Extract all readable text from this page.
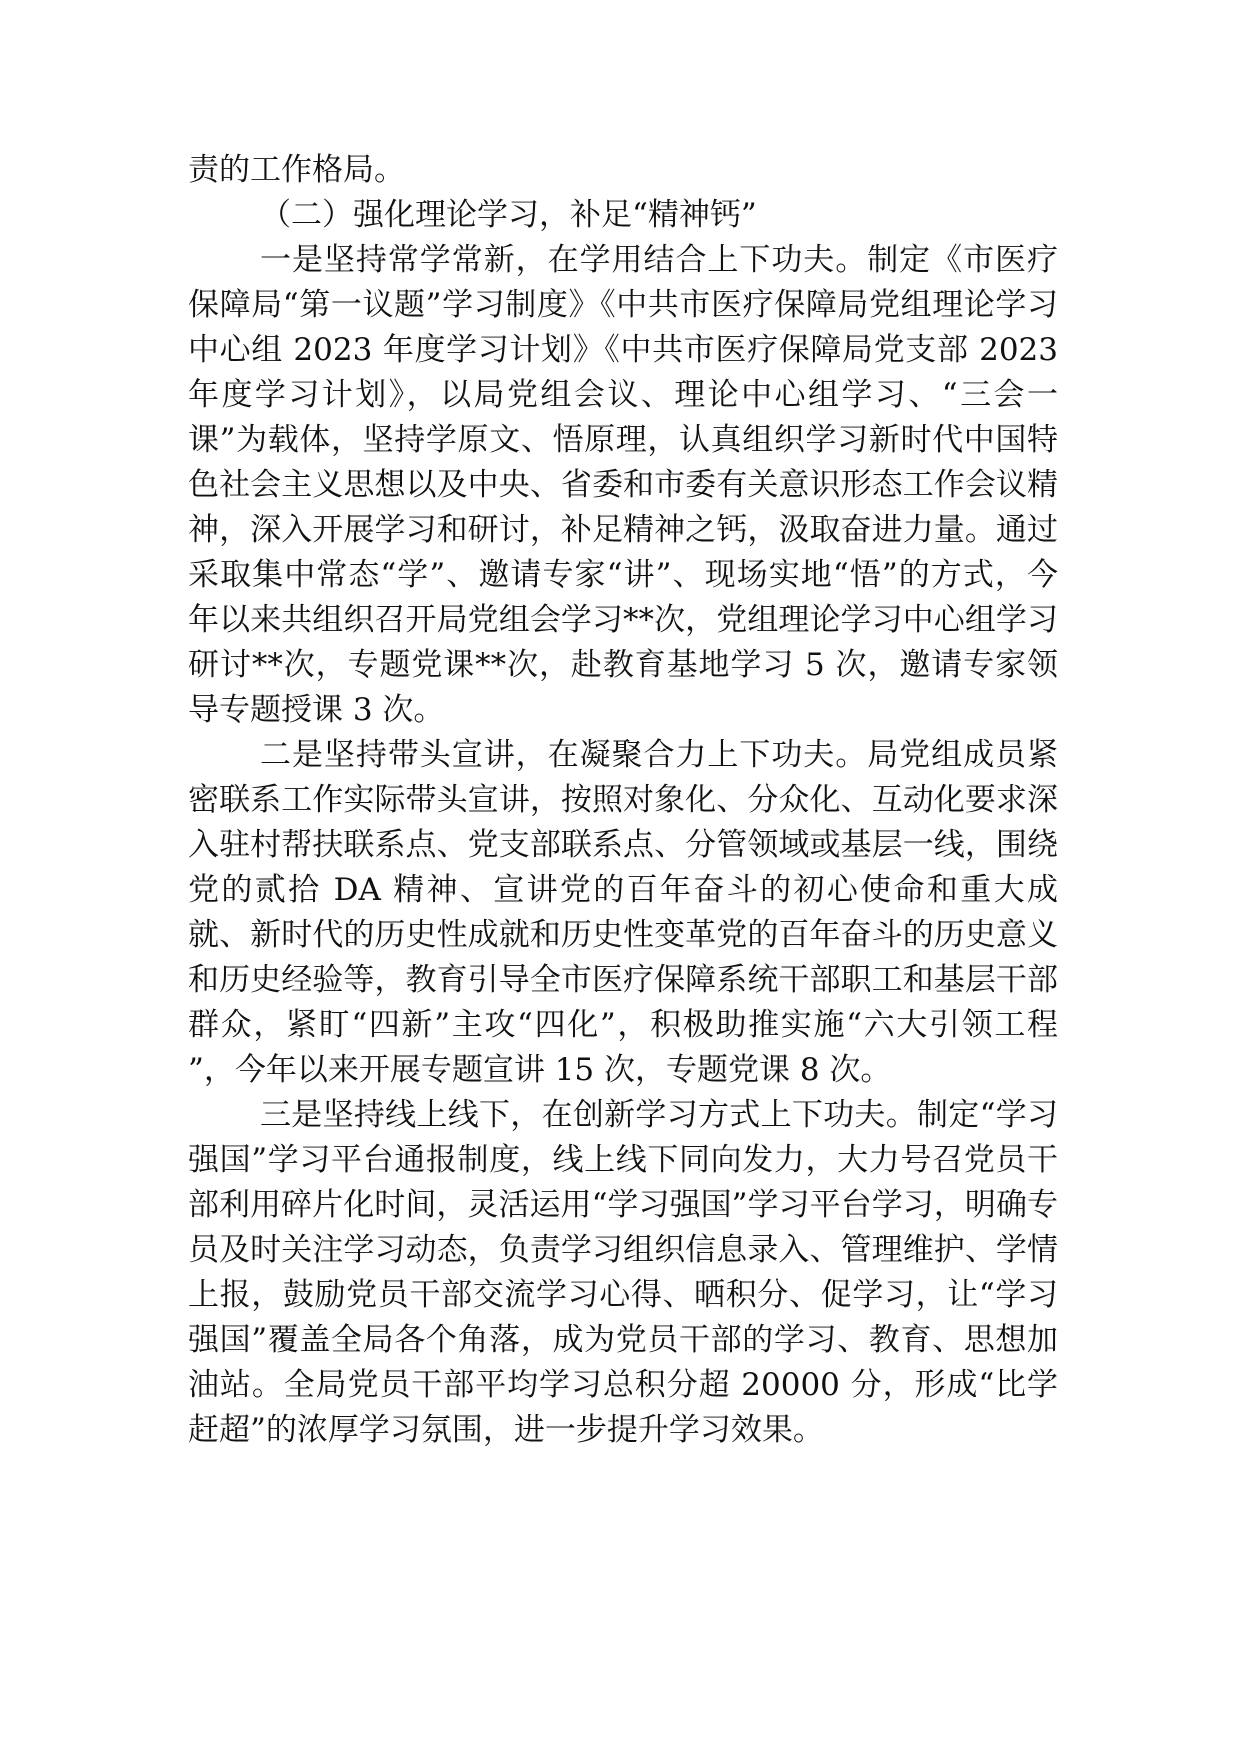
责的工作格局。

（二）强化理论学习，补足“精神钙”

一是坚持常学常新，在学用结合上下功夫。制定《市医疗保障局“第一议题”学习制度》《中共市医疗保障局党组理论学习中心组 2023 年度学习计划》《中共市医疗保障局党支部 2023 年度学习计划》，以局党组会议、理论中心组学习、“三会一课”为载体，坚持学原文、悟原理，认真组织学习新时代中国特色社会主义思想以及中央、省委和市委有关意识形态工作会议精神，深入开展学习和研讨，补足精神之钙，汲取奋进力量。通过采取集中常态“学”、邀请专家“讲”、现场实地“悟”的方式，今年以来共组织召开局党组会学习**次，党组理论学习中心组学习研讨**次，专题党课**次，赴教育基地学习 5 次，邀请专家领导专题授课 3 次。

二是坚持带头宣讲，在凝聚合力上下功夫。局党组成员紧密联系工作实际带头宣讲，按照对象化、分众化、互动化要求深入驻村帮扶联系点、党支部联系点、分管领域或基层一线，围绕党的贰拾 DA 精神、宣讲党的百年奋斗的初心使命和重大成就、新时代的历史性成就和历史性变革党的百年奋斗的历史意义和历史经验等，教育引导全市医疗保障系统干部职工和基层干部群众，紧盯“四新”主攻“四化”，积极助推实施“六大引领工程 ”，今年以来开展专题宣讲 15 次，专题党课 8 次。

三是坚持线上线下，在创新学习方式上下功夫。制定“学习强国”学习平台通报制度，线上线下同向发力，大力号召党员干部利用碎片化时间，灵活运用“学习强国”学习平台学习，明确专员及时关注学习动态，负责学习组织信息录入、管理维护、学情上报，鼓励党员干部交流学习心得、晒积分、促学习，让“学习强国”覆盖全局各个角落，成为党员干部的学习、教育、思想加油站。全局党员干部平均学习总积分超 20000 分，形成“比学赶超”的浓厚学习氛围，进一步提升学习效果。
